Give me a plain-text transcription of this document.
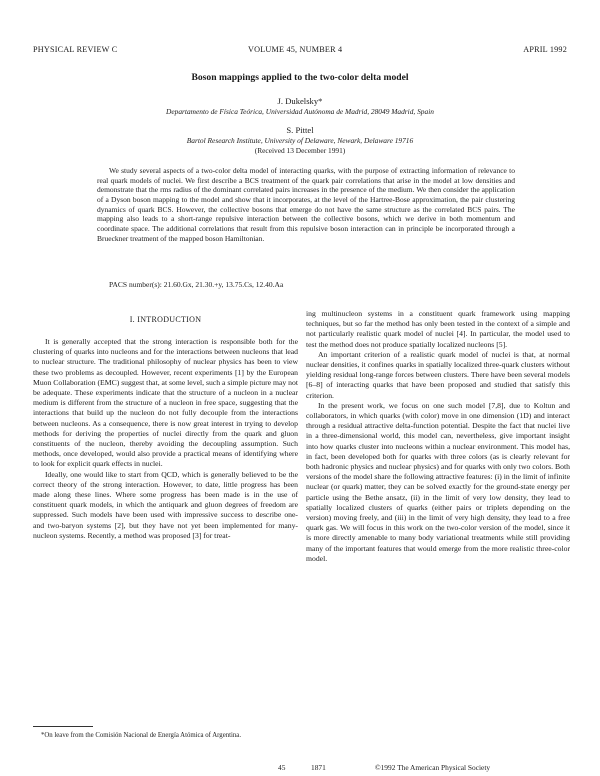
PHYSICAL REVIEW C	VOLUME 45, NUMBER 4	APRIL 1992
Boson mappings applied to the two-color delta model
J. Dukelsky*
Departamento de Física Teórica, Universidad Autónoma de Madrid, 28049 Madrid, Spain
S. Pittel
Bartol Research Institute, University of Delaware, Newark, Delaware 19716
(Received 13 December 1991)
We study several aspects of a two-color delta model of interacting quarks, with the purpose of extracting information of relevance to real quark models of nuclei. We first describe a BCS treatment of the quark pair correlations that arise in the model at low densities and demonstrate that the rms radius of the dominant correlated pairs increases in the presence of the medium. We then consider the application of a Dyson boson mapping to the model and show that it incorporates, at the level of the Hartree-Bose approximation, the pair clustering dynamics of quark BCS. However, the collective bosons that emerge do not have the same structure as the correlated BCS pairs. The mapping also leads to a short-range repulsive interaction between the collective bosons, which we derive in both momentum and coordinate space. The additional correlations that result from this repulsive boson interaction can in principle be incorporated through a Brueckner treatment of the mapped boson Hamiltonian.
PACS number(s): 21.60.Gx, 21.30.+y, 13.75.Cs, 12.40.Aa
I. INTRODUCTION

It is generally accepted that the strong interaction is responsible both for the clustering of quarks into nucleons and for the interactions between nucleons that lead to nuclear structure. The traditional philosophy of nuclear physics has been to view these two problems as decoupled. However, recent experiments [1] by the European Muon Collaboration (EMC) suggest that, at some level, such a simple picture may not be adequate. These experiments indicate that the structure of a nucleon in a nuclear medium is different from the structure of a nucleon in free space, suggesting that the interactions that build up the nucleon do not fully decouple from the interactions between nucleons. As a consequence, there is now great interest in trying to develop methods for deriving the properties of nuclei directly from the quark and gluon constituents of the nucleon, thereby avoiding the decoupling assumption. Such methods, once developed, would also provide a practical means of identifying where to look for explicit quark effects in nuclei.

Ideally, one would like to start from QCD, which is generally believed to be the correct theory of the strong interaction. However, to date, little progress has been made along these lines. Where some progress has been made is in the use of constituent quark models, in which the antiquark and gluon degrees of freedom are suppressed. Such models have been used with impressive success to describe one- and two-baryon systems [2], but they have not yet been implemented for many-nucleon systems. Recently, a method was proposed [3] for treat-

ing multinucleon systems in a constituent quark framework using mapping techniques, but so far the method has only been tested in the context of a simple and not particularly realistic quark model of nuclei [4]. In particular, the model used to test the method does not produce spatially localized nucleons [5].

An important criterion of a realistic quark model of nuclei is that, at normal nuclear densities, it confines quarks in spatially localized three-quark clusters without yielding residual long-range forces between clusters. There have been several models [6–8] of interacting quarks that have been proposed and studied that satisfy this criterion.

In the present work, we focus on one such model [7,8], due to Koltun and collaborators, in which quarks (with color) move in one dimension (1D) and interact through a residual attractive delta-function potential. Despite the fact that nuclei live in a three-dimensional world, this model can, nevertheless, give important insight into how quarks cluster into nucleons within a nuclear environment. This model has, in fact, been developed both for quarks with three colors (as is clearly relevant for both hadronic physics and nuclear physics) and for quarks with only two colors. Both versions of the model share the following attractive features: (i) in the limit of infinite nuclear (or quark) matter, they can be solved exactly for the ground-state energy per particle using the Bethe ansatz, (ii) in the limit of very low density, they lead to spatially localized clusters of quarks (either pairs or triplets depending on the version) moving freely, and (iii) in the limit of very high density, they lead to a free quark gas. We will focus in this work on the two-color version of the model, since it is more directly amenable to many body variational treatments while still providing many of the important features that would emerge from the more realistic three-color model.

*On leave from the Comisión Nacional de Energía Atómica of Argentina.
45	1871	©1992 The American Physical Society
